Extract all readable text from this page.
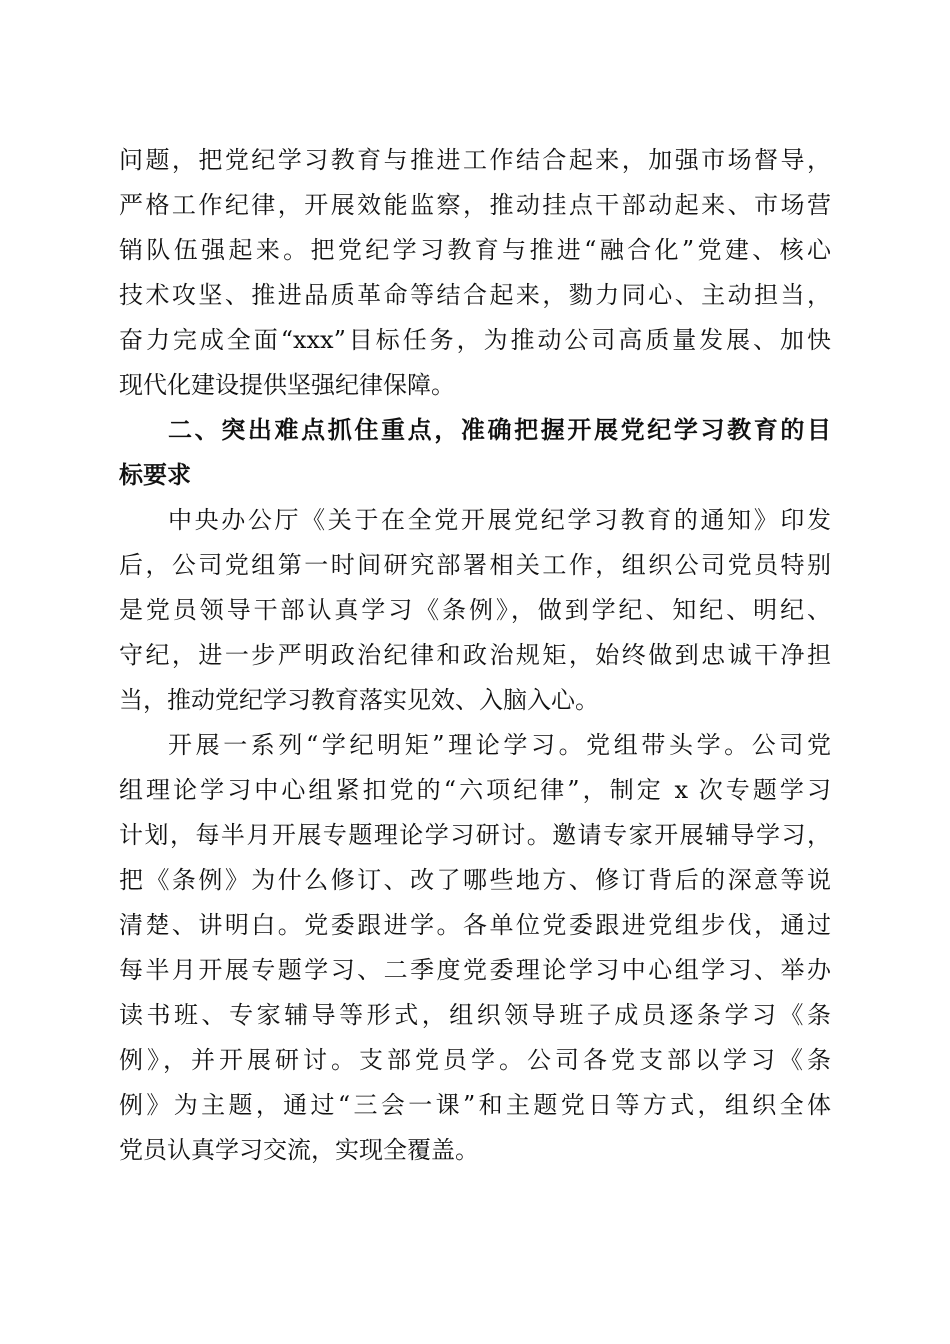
问题，把党纪学习教育与推进工作结合起来，加强市场督导，
严格工作纪律，开展效能监察，推动挂点干部动起来、市场营
销队伍强起来。把党纪学习教育与推进“融合化”党建、核心
技术攻坚、推进品质革命等结合起来，勠力同心、主动担当，
奋力完成全面“xxx”目标任务，为推动公司高质量发展、加快
现代化建设提供坚强纪律保障。
二、突出难点抓住重点，准确把握开展党纪学习教育的目
标要求
中央办公厅《关于在全党开展党纪学习教育的通知》印发
后，公司党组第一时间研究部署相关工作，组织公司党员特别
是党员领导干部认真学习《条例》，做到学纪、知纪、明纪、
守纪，进一步严明政治纪律和政治规矩，始终做到忠诚干净担
当，推动党纪学习教育落实见效、入脑入心。
开展一系列“学纪明矩”理论学习。党组带头学。公司党
组理论学习中心组紧扣党的“六项纪律”，制定 x 次专题学习
计划，每半月开展专题理论学习研讨。邀请专家开展辅导学习，
把《条例》为什么修订、改了哪些地方、修订背后的深意等说
清楚、讲明白。党委跟进学。各单位党委跟进党组步伐，通过
每半月开展专题学习、二季度党委理论学习中心组学习、举办
读书班、专家辅导等形式，组织领导班子成员逐条学习《条
例》，并开展研讨。支部党员学。公司各党支部以学习《条
例》为主题，通过“三会一课”和主题党日等方式，组织全体
党员认真学习交流，实现全覆盖。
